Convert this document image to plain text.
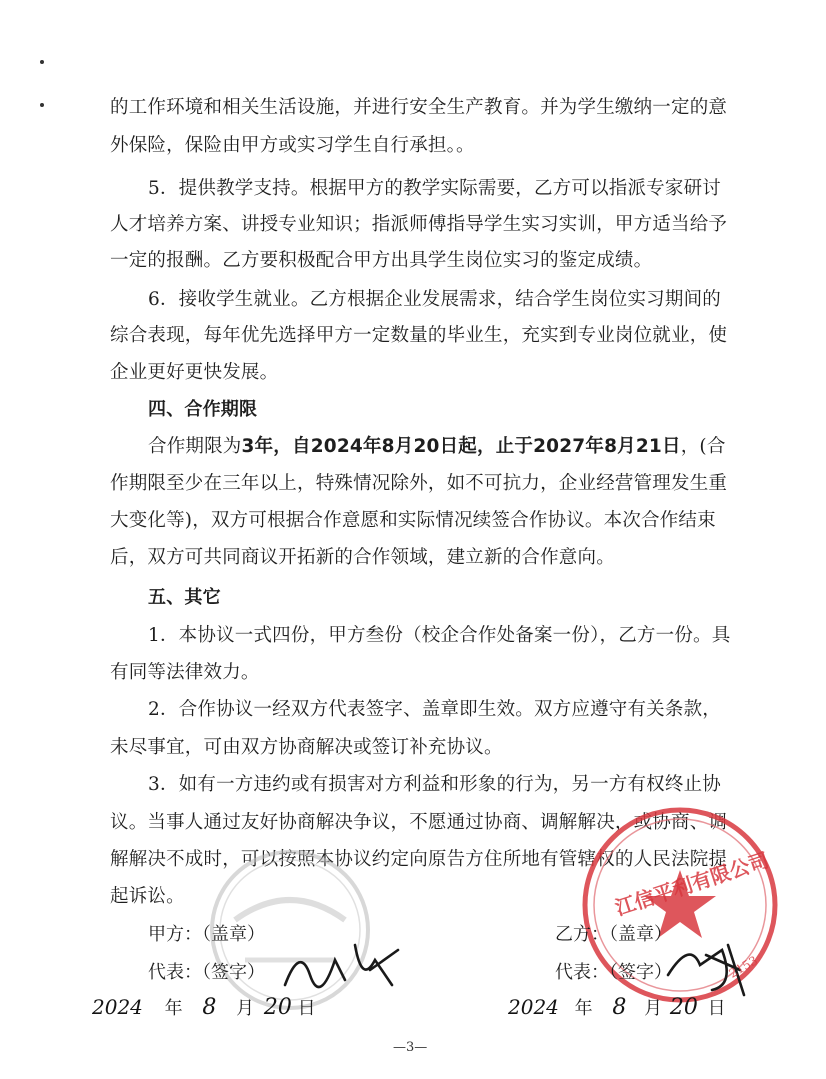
的工作环境和相关生活设施，并进行安全生产教育。并为学生缴纳一定的意
外保险，保险由甲方或实习学生自行承担。。
5．提供教学支持。根据甲方的教学实际需要，乙方可以指派专家研讨
人才培养方案、讲授专业知识；指派师傅指导学生实习实训，甲方适当给予
一定的报酬。乙方要积极配合甲方出具学生岗位实习的鉴定成绩。
6．接收学生就业。乙方根据企业发展需求，结合学生岗位实习期间的
综合表现，每年优先选择甲方一定数量的毕业生，充实到专业岗位就业，使
企业更好更快发展。
四、合作期限
合作期限为3年，自2024年8月20日起，止于2027年8月21日，(合
作期限至少在三年以上，特殊情况除外，如不可抗力，企业经营管理发生重
大变化等)，双方可根据合作意愿和实际情况续签合作协议。本次合作结束
后，双方可共同商议开拓新的合作领域，建立新的合作意向。
五、其它
1．本协议一式四份，甲方叁份（校企合作处备案一份），乙方一份。具
有同等法律效力。
2．合作协议一经双方代表签字、盖章即生效。双方应遵守有关条款，
未尽事宜，可由双方协商解决或签订补充协议。
3．如有一方违约或有损害对方利益和形象的行为，另一方有权终止协
议。当事人通过友好协商解决争议，不愿通过协商、调解解决，或协商、调
解解决不成时，可以按照本协议约定向原告方住所地有管辖权的人民法院提
起诉讼。	江信平利有限公司
2153
甲方：（盖章）
代表：（签字）
乙方：（盖章）
代表：（签字）
2024 年 8 月 20 日	2024 年 8 月 20 日
—3—
